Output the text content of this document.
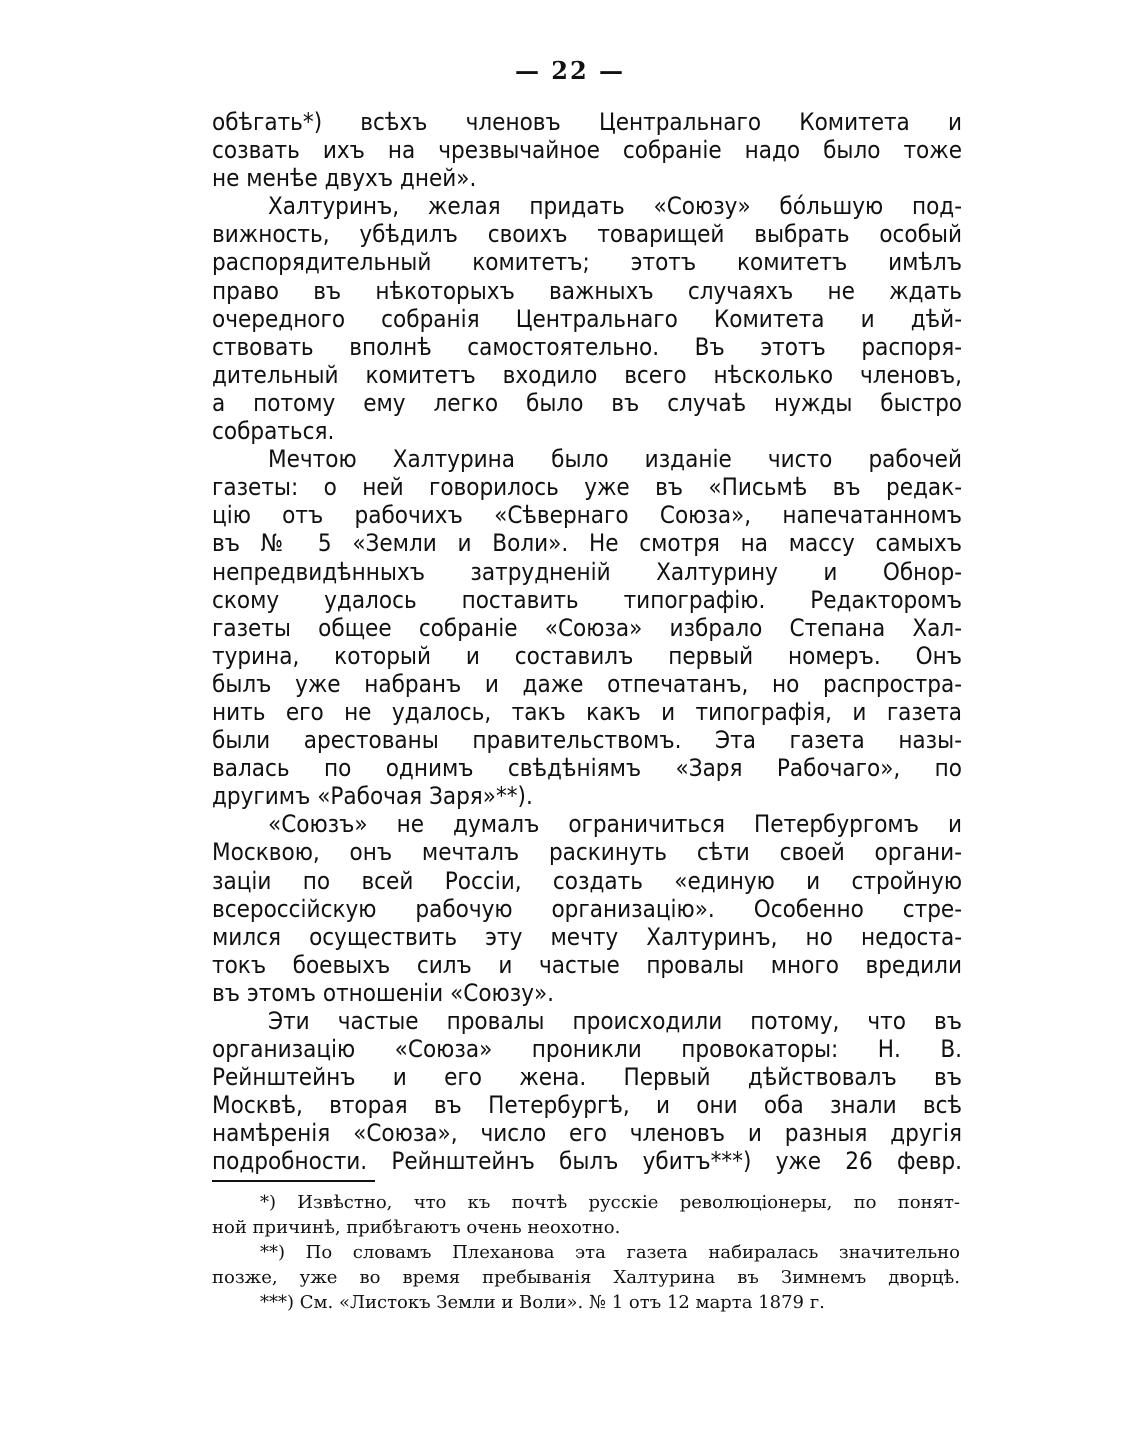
— 22 —
обѣгать*) всѣхъ членовъ Центральнаго Комитета и
созвать ихъ на чрезвычайное собраніе надо было тоже
не менѣе двухъ дней».
Халтуринъ, желая придать «Союзу» бо́льшую под-
вижность, убѣдилъ своихъ товарищей выбрать особый
распорядительный комитетъ; этотъ комитетъ имѣлъ
право въ нѣкоторыхъ важныхъ случаяхъ не ждать
очередного собранія Центральнаго Комитета и дѣй-
ствовать вполнѣ самостоятельно. Въ этотъ распоря-
дительный комитетъ входило всего нѣсколько членовъ,
а потому ему легко было въ случаѣ нужды быстро
собраться.
Мечтою Халтурина было изданіе чисто рабочей
газеты: о ней говорилось уже въ «Письмѣ въ редак-
цію отъ рабочихъ «Сѣвернаго Союза», напечатанномъ
въ № 5 «Земли и Воли». Не смотря на массу самыхъ
непредвидѣнныхъ затрудненій Халтурину и Обнор-
скому удалось поставить типографію. Редакторомъ
газеты общее собраніе «Союза» избрало Степана Хал-
турина, который и составилъ первый номеръ. Онъ
былъ уже набранъ и даже отпечатанъ, но распростра-
нить его не удалось, такъ какъ и типографія, и газета
были арестованы правительствомъ. Эта газета назы-
валась по однимъ свѣдѣніямъ «Заря Рабочаго», по
другимъ «Рабочая Заря»**).
«Союзъ» не думалъ ограничиться Петербургомъ и
Москвою, онъ мечталъ раскинуть сѣти своей органи-
заціи по всей Россіи, создать «единую и стройную
всероссійскую рабочую организацію». Особенно стре-
мился осуществить эту мечту Халтуринъ, но недоста-
токъ боевыхъ силъ и частые провалы много вредили
въ этомъ отношеніи «Союзу».
Эти частые провалы происходили потому, что въ
организацію «Союза» проникли провокаторы: Н. В.
Рейнштейнъ и его жена. Первый дѣйствовалъ въ
Москвѣ, вторая въ Петербургѣ, и они оба знали всѣ
намѣренія «Союза», число его членовъ и разныя другія
подробности. Рейнштейнъ былъ убитъ***) уже 26 февр.
*) Извѣстно, что къ почтѣ русскіе революціонеры, по понят-
ной причинѣ, прибѣгаютъ очень неохотно.
**) По словамъ Плеханова эта газета набиралась значительно
позже, уже во время пребыванія Халтурина въ Зимнемъ дворцѣ.
***) См. «Листокъ Земли и Воли». № 1 отъ 12 марта 1879 г.
